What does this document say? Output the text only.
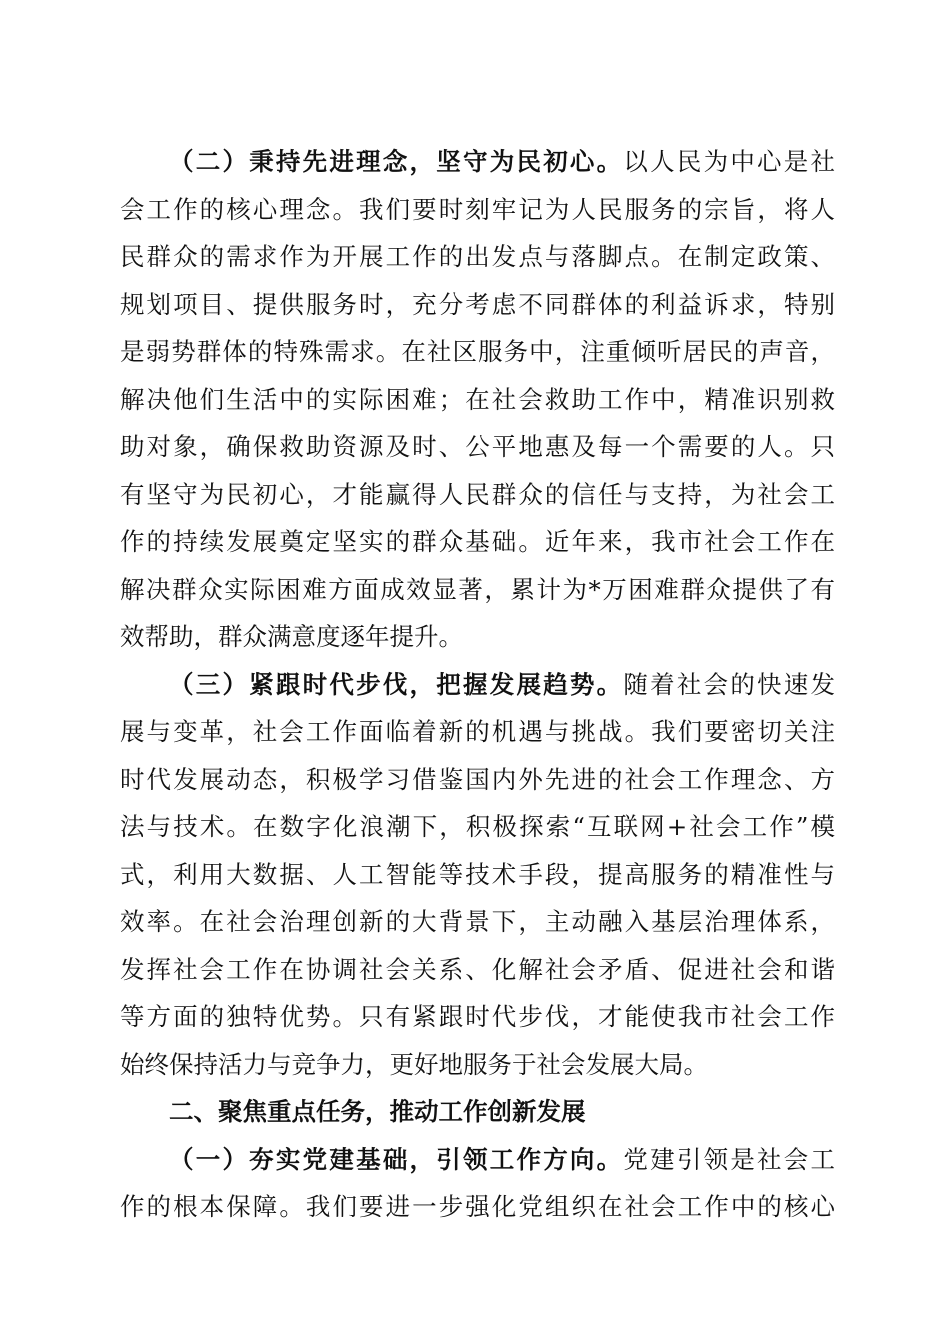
（二）秉持先进理念，坚守为民初心。以人民为中心是社
会工作的核心理念。我们要时刻牢记为人民服务的宗旨，将人
民群众的需求作为开展工作的出发点与落脚点。在制定政策、
规划项目、提供服务时，充分考虑不同群体的利益诉求，特别
是弱势群体的特殊需求。在社区服务中，注重倾听居民的声音，
解决他们生活中的实际困难；在社会救助工作中，精准识别救
助对象，确保救助资源及时、公平地惠及每一个需要的人。只
有坚守为民初心，才能赢得人民群众的信任与支持，为社会工
作的持续发展奠定坚实的群众基础。近年来，我市社会工作在
解决群众实际困难方面成效显著，累计为*万困难群众提供了有
效帮助，群众满意度逐年提升。
（三）紧跟时代步伐，把握发展趋势。随着社会的快速发
展与变革，社会工作面临着新的机遇与挑战。我们要密切关注
时代发展动态，积极学习借鉴国内外先进的社会工作理念、方
法与技术。在数字化浪潮下，积极探索“互联网+社会工作”模
式，利用大数据、人工智能等技术手段，提高服务的精准性与
效率。在社会治理创新的大背景下，主动融入基层治理体系，
发挥社会工作在协调社会关系、化解社会矛盾、促进社会和谐
等方面的独特优势。只有紧跟时代步伐，才能使我市社会工作
始终保持活力与竞争力，更好地服务于社会发展大局。
二、聚焦重点任务，推动工作创新发展
（一）夯实党建基础，引领工作方向。党建引领是社会工
作的根本保障。我们要进一步强化党组织在社会工作中的核心
